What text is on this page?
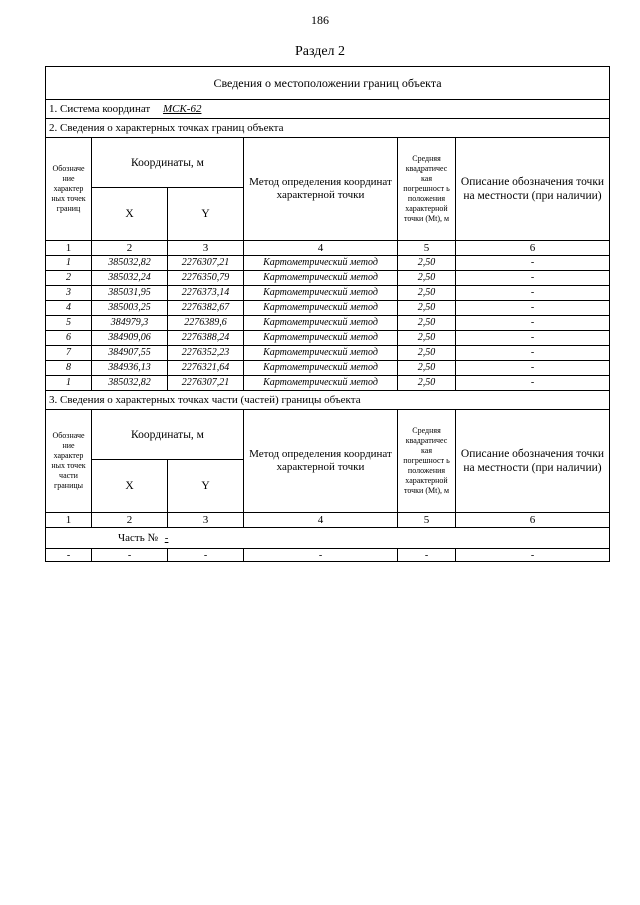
186
Раздел 2
Сведения о местоположении границ объекта					
1. Система координат МСК-62					
2. Сведения о характерных точках границ объекта					
Обозначе ние характер ных точек границ	Координаты, м		Метод определения координат характерной точки	Средняя квадратичес кая погрешност ь положения характерной точки (Mt), м	Описание обозначения точки на местности (при наличии)
	X	Y			
1	2	3	4	5	6
1	385032,82	2276307,21	Картометрический метод	2,50	-
2	385032,24	2276350,79	Картометрический метод	2,50	-
3	385031,95	2276373,14	Картометрический метод	2,50	-
4	385003,25	2276382,67	Картометрический метод	2,50	-
5	384979,3	2276389,6	Картометрический метод	2,50	-
6	384909,06	2276388,24	Картометрический метод	2,50	-
7	384907,55	2276352,23	Картометрический метод	2,50	-
8	384936,13	2276321,64	Картометрический метод	2,50	-
1	385032,82	2276307,21	Картометрический метод	2,50	-
3. Сведения о характерных точках части (частей) границы объекта					
Обозначе ние характер ных точек части границы	Координаты, м		Метод определения координат характерной точки	Средняя квадратичес кая погрешност ь положения характерной точки (Mt), м	Описание обозначения точки на местности (при наличии)
	X	Y			
1	2	3	4	5	6
Часть № -					
-	-	-	-	-	-
